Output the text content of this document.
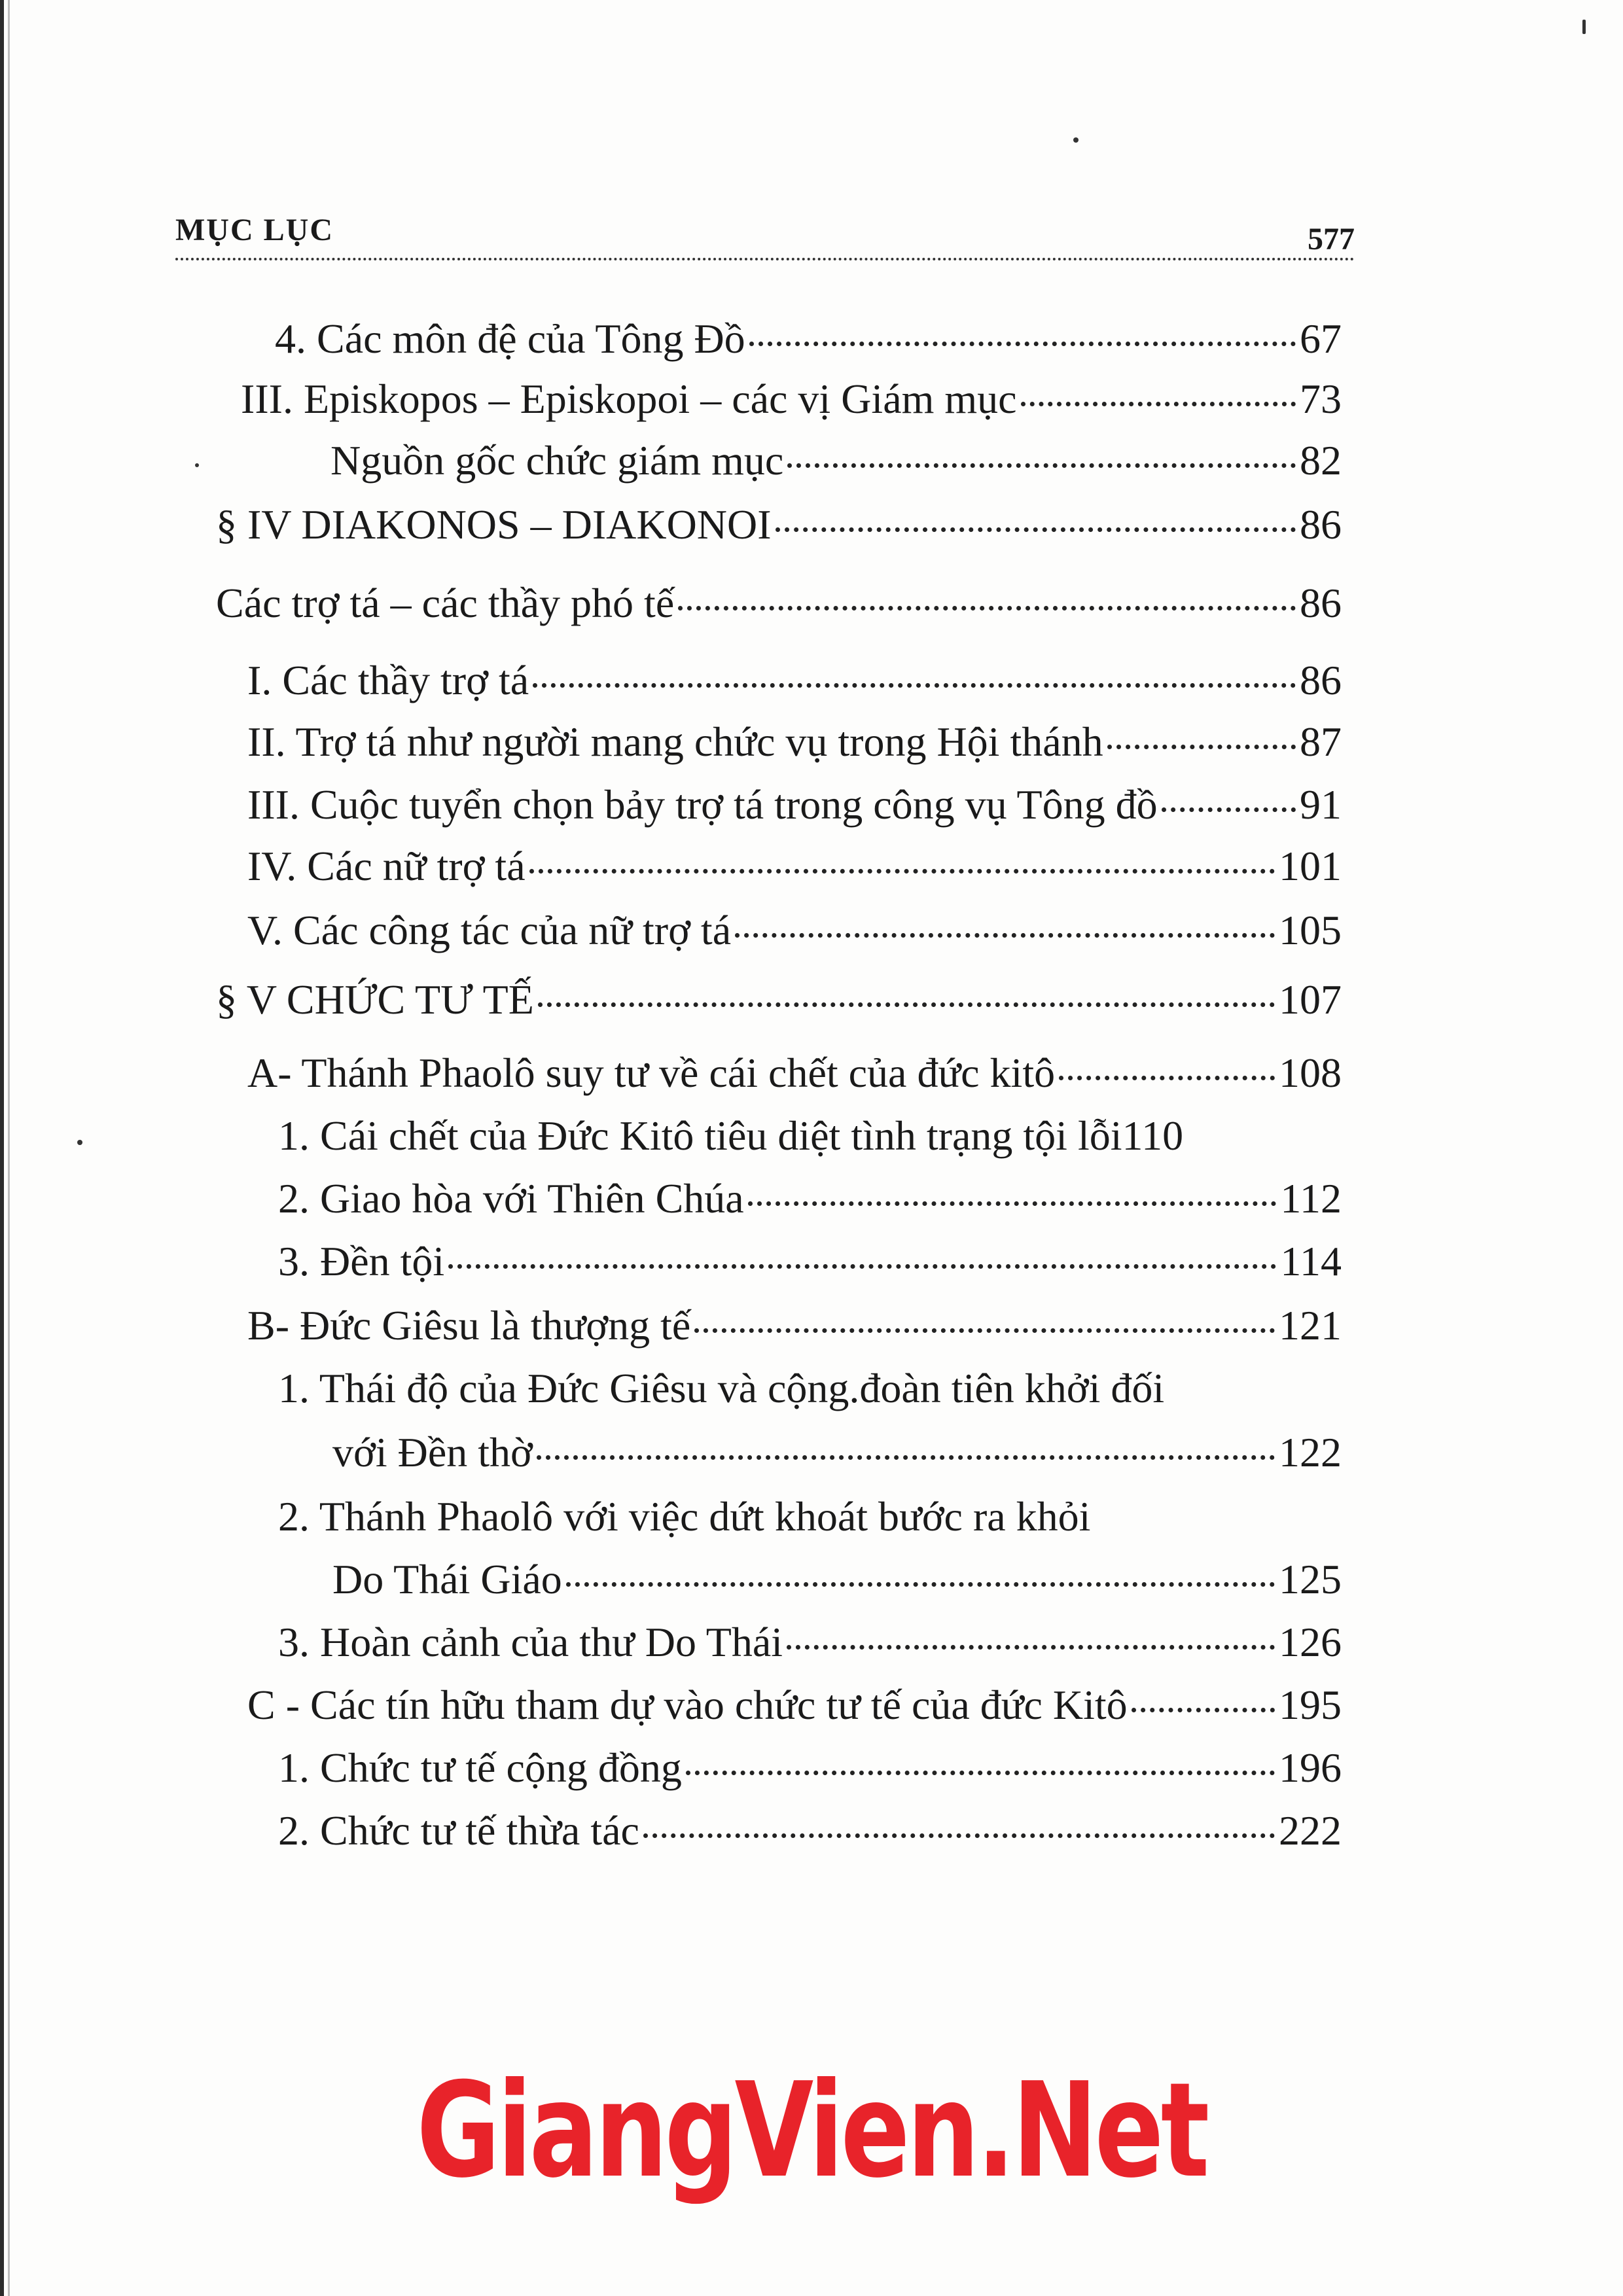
MỤC LỤC	577
4. Các môn đệ của Tông Đồ	67
III. Episkopos – Episkopoi – các vị Giám mục	73
Nguồn gốc chức giám mục	82
§ IV DIAKONOS – DIAKONOI	86
Các trợ tá – các thầy phó tế	86
I. Các thầy trợ tá	86
II. Trợ tá như người mang chức vụ trong Hội thánh	87
III. Cuộc tuyển chọn bảy trợ tá trong công vụ Tông đồ	91
IV. Các nữ trợ tá	101
V. Các công tác của nữ trợ tá	105
§ V CHỨC TƯ TẾ	107
A- Thánh Phaolô suy tư về cái chết của đức kitô	108
1. Cái chết của Đức Kitô tiêu diệt tình trạng tội lỗi 110
2. Giao hòa với Thiên Chúa	112
3. Đền tội	114
B- Đức Giêsu là thượng tế	121
1. Thái độ của Đức Giêsu và cộng.đoàn tiên khởi đối
với Đền thờ	122
2. Thánh Phaolô với việc dứt khoát bước ra khỏi
Do Thái Giáo	125
3. Hoàn cảnh của thư Do Thái	126
C - Các tín hữu tham dự vào chức tư tế của đức Kitô	195
1. Chức tư tế cộng đồng	196
2. Chức tư tế thừa tác	222
GiangVien.Net
